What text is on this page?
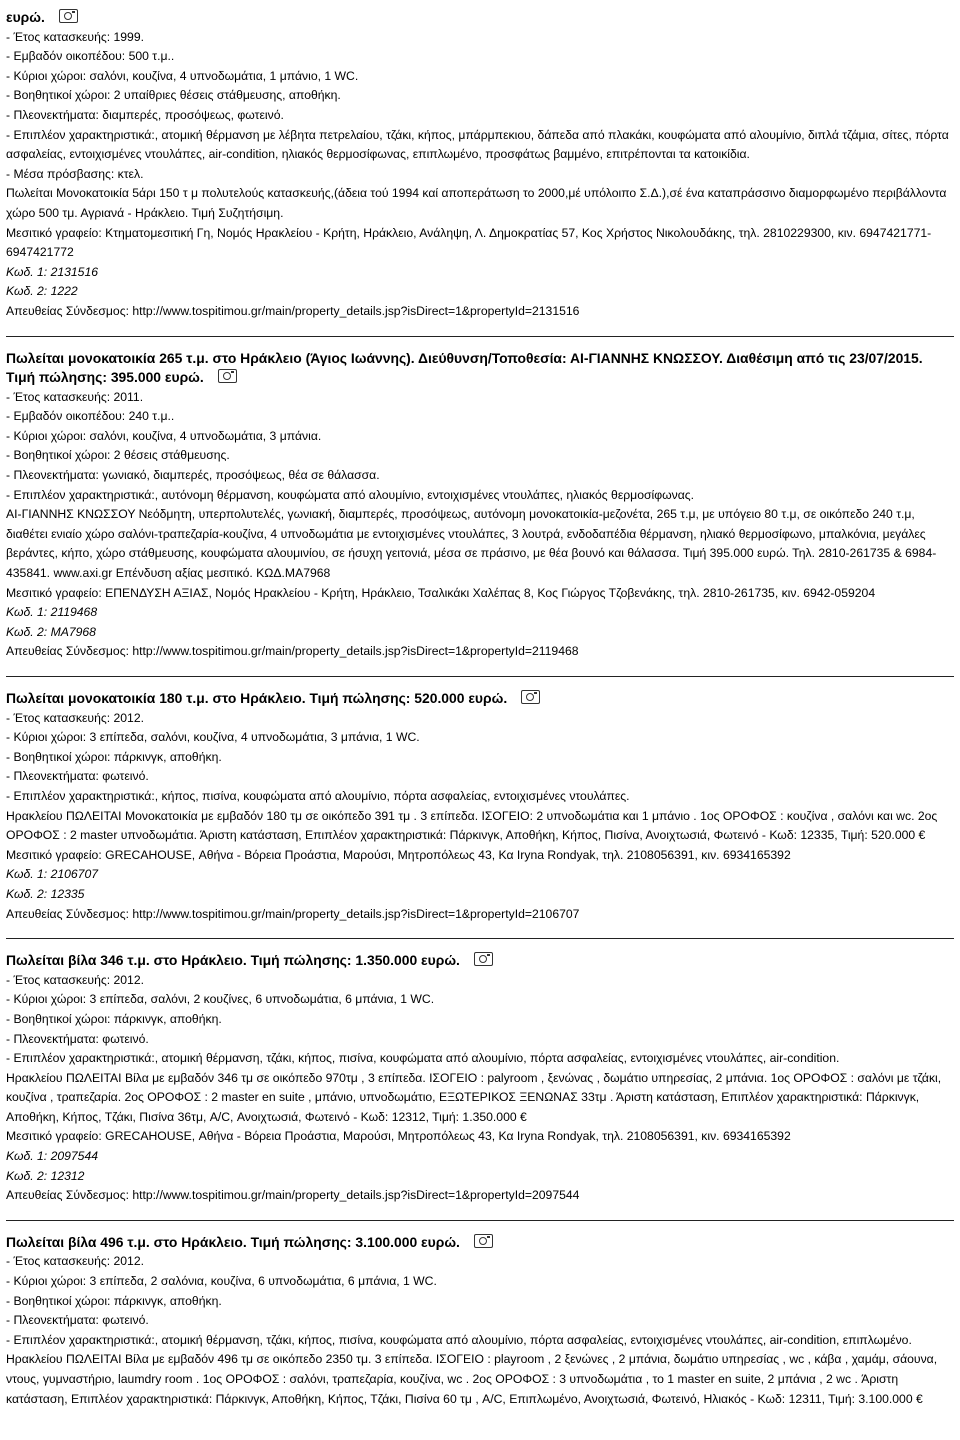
ευρώ.
- Έτος κατασκευής: 1999.
- Εμβαδόν οικοπέδου: 500 τ.μ..
- Κύριοι χώροι: σαλόνι, κουζίνα, 4 υπνοδωμάτια, 1 μπάνιο, 1 WC.
- Βοηθητικοί χώροι: 2 υπαίθριες θέσεις στάθμευσης, αποθήκη.
- Πλεονεκτήματα: διαμπερές, προσόψεως, φωτεινό.
- Επιπλέον χαρακτηριστικά:, ατομική θέρμανση με λέβητα πετρελαίου, τζάκι, κήπος, μπάρμπεκιου, δάπεδα από πλακάκι, κουφώματα από αλουμίνιο, διπλά τζάμια, σίτες, πόρτα ασφαλείας, εντοιχισμένες ντουλάπες, air-condition, ηλιακός θερμοσίφωνας, επιπλωμένο, προσφάτως βαμμένο, επιτρέπονται τα κατοικίδια.
- Μέσα πρόσβασης: κτελ.
Πωλείται Μονοκατοικία 5άρι 150 τ μ πολυτελούς κατασκευής,(άδεια τού 1994 καί αποπεράτωση το 2000,μέ υπόλοιπο Σ.Δ.),σέ ένα καταπράσσινο διαμορφωμένο περιβάλλοντα χώρο 500 τμ. Αγριανά - Ηράκλειο. Τιμή Συζητήσιμη.
Μεσιτικό γραφείο: Κτηματομεσιτική Γη, Νομός Ηρακλείου - Κρήτη, Ηράκλειο, Ανάληψη, Λ. Δημοκρατίας 57, Κος Χρήστος Νικολουδάκης, τηλ. 2810229300, κιν. 6947421771-6947421772
Κωδ. 1: 2131516
Κωδ. 2: 1222
Απευθείας Σύνδεσμος: http://www.tospitimou.gr/main/property_details.jsp?isDirect=1&propertyId=2131516
Πωλείται μονοκατοικία 265 τ.μ. στο Ηράκλειο (Άγιος Ιωάννης). Διεύθυνση/Τοποθεσία: ΑΙ-ΓΙΑΝΝΗΣ ΚΝΩΣΣΟΥ. Διαθέσιμη από τις 23/07/2015. Τιμή πώλησης: 395.000 ευρώ.
- Έτος κατασκευής: 2011.
- Εμβαδόν οικοπέδου: 240 τ.μ..
- Κύριοι χώροι: σαλόνι, κουζίνα, 4 υπνοδωμάτια, 3 μπάνια.
- Βοηθητικοί χώροι: 2 θέσεις στάθμευσης.
- Πλεονεκτήματα: γωνιακό, διαμπερές, προσόψεως, θέα σε θάλασσα.
- Επιπλέον χαρακτηριστικά:, αυτόνομη θέρμανση, κουφώματα από αλουμίνιο, εντοιχισμένες ντουλάπες, ηλιακός θερμοσίφωνας.
ΑΙ-ΓΙΑΝΝΗΣ ΚΝΩΣΣΟΥ Νεόδμητη, υπερπολυτελές, γωνιακή, διαμπερές, προσόψεως, αυτόνομη μονοκατοικία-μεζονέτα, 265 τ.μ, με υπόγειο 80 τ.μ, σε οικόπεδο 240 τ.μ, διαθέτει ενιαίο χώρο σαλόνι-τραπεζαρία-κουζίνα, 4 υπνοδωμάτια με εντοιχισμένες ντουλάπες, 3 λουτρά, ενδοδαπέδια θέρμανση, ηλιακό θερμοσίφωνο, μπαλκόνια, μεγάλες βεράντες, κήπο, χώρο στάθμευσης, κουφώματα αλουμινίου, σε ήσυχη γειτονιά, μέσα σε πράσινο, με θέα βουνό και θάλασσα. Τιμή 395.000 ευρώ. Τηλ. 2810-261735 & 6984-435841. www.axi.gr Επένδυση αξίας μεσιτικό. ΚΩΔ.ΜΑ7968
Μεσιτικό γραφείο: ΕΠΕΝΔΥΣΗ ΑΞΙΑΣ, Νομός Ηρακλείου - Κρήτη, Ηράκλειο, Τσαλικάκι Χαλέπας 8, Κος Γιώργος Τζοβενάκης, τηλ. 2810-261735, κιν. 6942-059204
Κωδ. 1: 2119468
Κωδ. 2: ΜΑ7968
Απευθείας Σύνδεσμος: http://www.tospitimou.gr/main/property_details.jsp?isDirect=1&propertyId=2119468
Πωλείται μονοκατοικία 180 τ.μ. στο Ηράκλειο. Τιμή πώλησης: 520.000 ευρώ.
- Έτος κατασκευής: 2012.
- Κύριοι χώροι: 3 επίπεδα, σαλόνι, κουζίνα, 4 υπνοδωμάτια, 3 μπάνια, 1 WC.
- Βοηθητικοί χώροι: πάρκινγκ, αποθήκη.
- Πλεονεκτήματα: φωτεινό.
- Επιπλέον χαρακτηριστικά:, κήπος, πισίνα, κουφώματα από αλουμίνιο, πόρτα ασφαλείας, εντοιχισμένες ντουλάπες.
Ηρακλείου ΠΩΛΕΙΤΑΙ Μονοκατοικία με εμβαδόν 180 τμ σε οικόπεδο 391 τμ . 3 επίπεδα. ΙΣΟΓΕΙΟ: 2 υπνοδωμάτια και 1 μπάνιο . 1ος ΟΡΟΦΟΣ : κουζίνα , σαλόνι και wc. 2ος ΟΡΟΦΟΣ : 2 master υπνοδωμάτια. Άριστη κατάσταση, Επιπλέον χαρακτηριστικά: Πάρκινγκ, Αποθήκη, Κήπος, Πισίνα, Ανοιχτωσιά, Φωτεινό - Κωδ: 12335, Τιμή: 520.000 €
Μεσιτικό γραφείο: GRECAHOUSE, Αθήνα - Βόρεια Προάστια, Μαρούσι, Μητροπόλεως 43, Κα Iryna Rondyak, τηλ. 2108056391, κιν. 6934165392
Κωδ. 1: 2106707
Κωδ. 2: 12335
Απευθείας Σύνδεσμος: http://www.tospitimou.gr/main/property_details.jsp?isDirect=1&propertyId=2106707
Πωλείται βίλα 346 τ.μ. στο Ηράκλειο. Τιμή πώλησης: 1.350.000 ευρώ.
- Έτος κατασκευής: 2012.
- Κύριοι χώροι: 3 επίπεδα, σαλόνι, 2 κουζίνες, 6 υπνοδωμάτια, 6 μπάνια, 1 WC.
- Βοηθητικοί χώροι: πάρκινγκ, αποθήκη.
- Πλεονεκτήματα: φωτεινό.
- Επιπλέον χαρακτηριστικά:, ατομική θέρμανση, τζάκι, κήπος, πισίνα, κουφώματα από αλουμίνιο, πόρτα ασφαλείας, εντοιχισμένες ντουλάπες, air-condition.
Ηρακλείου ΠΩΛΕΙΤΑΙ Βίλα με εμβαδόν 346 τμ σε οικόπεδο 970τμ , 3 επίπεδα. ΙΣΟΓΕΙΟ : palyroom , ξενώνας , δωμάτιο υπηρεσίας, 2 μπάνια. 1ος ΟΡΟΦΟΣ : σαλόνι με τζάκι, κουζίνα , τραπεζαρία. 2ος ΟΡΟΦΟΣ : 2 master en suite , μπάνιο, υπνοδωμάτιο, ΕΞΩΤΕΡΙΚΟΣ ΞΕΝΩΝΑΣ 33τμ . Άριστη κατάσταση, Επιπλέον χαρακτηριστικά: Πάρκινγκ, Αποθήκη, Κήπος, Τζάκι, Πισίνα 36τμ, A/C, Ανοιχτωσιά, Φωτεινό - Κωδ: 12312, Τιμή: 1.350.000 €
Μεσιτικό γραφείο: GRECAHOUSE, Αθήνα - Βόρεια Προάστια, Μαρούσι, Μητροπόλεως 43, Κα Iryna Rondyak, τηλ. 2108056391, κιν. 6934165392
Κωδ. 1: 2097544
Κωδ. 2: 12312
Απευθείας Σύνδεσμος: http://www.tospitimou.gr/main/property_details.jsp?isDirect=1&propertyId=2097544
Πωλείται βίλα 496 τ.μ. στο Ηράκλειο. Τιμή πώλησης: 3.100.000 ευρώ.
- Έτος κατασκευής: 2012.
- Κύριοι χώροι: 3 επίπεδα, 2 σαλόνια, κουζίνα, 6 υπνοδωμάτια, 6 μπάνια, 1 WC.
- Βοηθητικοί χώροι: πάρκινγκ, αποθήκη.
- Πλεονεκτήματα: φωτεινό.
- Επιπλέον χαρακτηριστικά:, ατομική θέρμανση, τζάκι, κήπος, πισίνα, κουφώματα από αλουμίνιο, πόρτα ασφαλείας, εντοιχισμένες ντουλάπες, air-condition, επιπλωμένο.
Ηρακλείου ΠΩΛΕΙΤΑΙ Βίλα με εμβαδόν 496 τμ σε οικόπεδο 2350 τμ. 3 επίπεδα. ΙΣΟΓΕΙΟ : playroom , 2 ξενώνες , 2 μπάνια, δωμάτιο υπηρεσίας , wc , κάβα , χαμάμ, σάουνα, ντους, γυμναστήριο, laumdry room . 1ος ΟΡΟΦΟΣ : σαλόνι, τραπεζαρία, κουζίνα, wc . 2ος ΟΡΟΦΟΣ : 3 υπνοδωμάτια , το 1 master en suite, 2 μπάνια , 2 wc . Άριστη κατάσταση, Επιπλέον χαρακτηριστικά: Πάρκινγκ, Αποθήκη, Κήπος, Τζάκι, Πισίνα 60 τμ , A/C, Επιπλωμένο, Ανοιχτωσιά, Φωτεινό, Ηλιακός - Κωδ: 12311, Τιμή: 3.100.000 €
